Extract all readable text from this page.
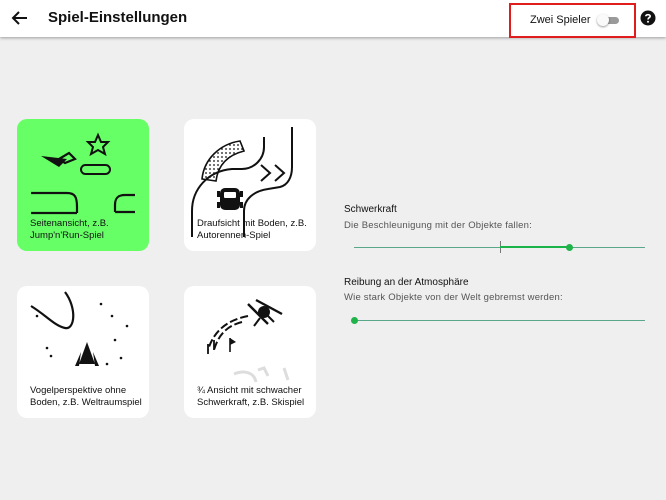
Spiel-Einstellungen	Zwei Spieler
Seitenansicht, z.B. Jump'n'Run-Spiel
Draufsicht mit Boden, z.B. Autorennen-Spiel
Vogelperspektive ohne Boden, z.B. Weltraumspiel
¾ Ansicht mit schwacher Schwerkraft, z.B. Skispiel
Schwerkraft
Die Beschleunigung mit der Objekte fallen:
Reibung an der Atmosphäre
Wie stark Objekte von der Welt gebremst werden:
